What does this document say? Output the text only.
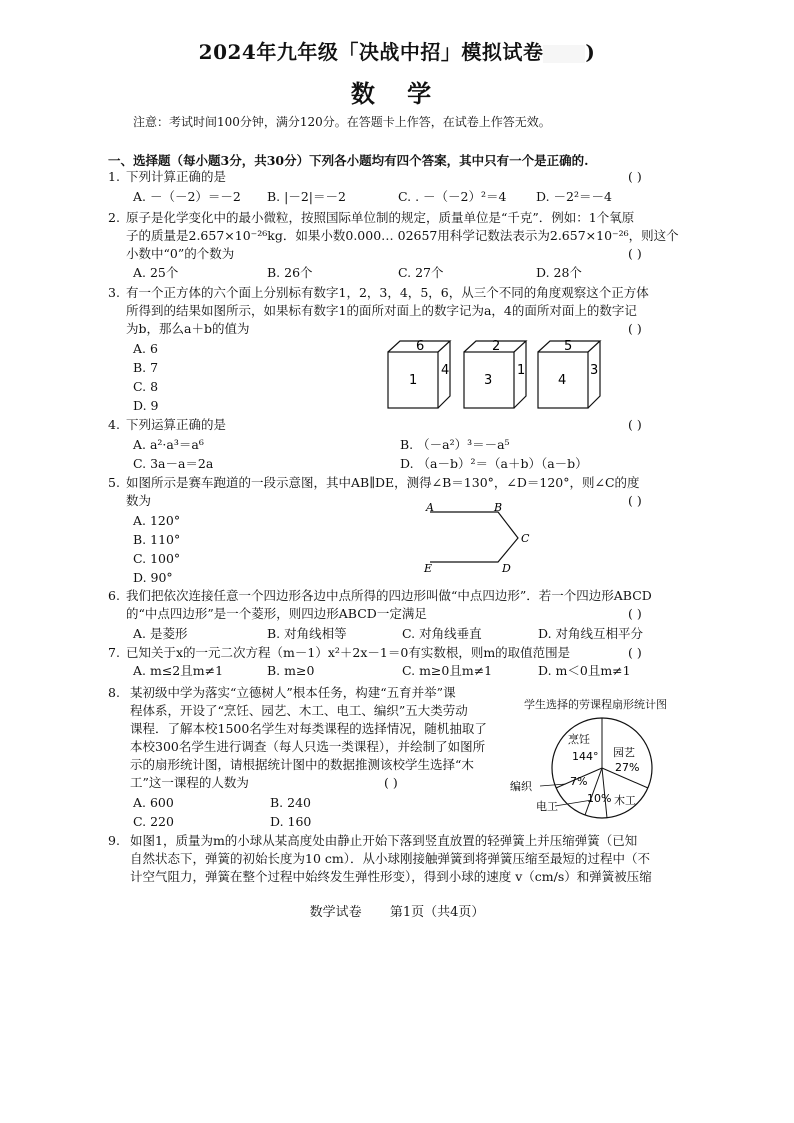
2024年九年级「决战中招」模拟试卷 )
数 学
注意：考试时间100分钟，满分120分。在答题卡上作答，在试卷上作答无效。
一、选择题（每小题3分，共30分）下列各小题均有四个答案，其中只有一个是正确的.
1. 下列计算正确的是	( )
A. －（－2）＝－2 B. |－2|＝－2	C. . －（－2）²＝4 D. －2²＝－4
2. 原子是化学变化中的最小微粒，按照国际单位制的规定，质量单位是“千克”．例如：1个氧原
子的质量是2.657×10⁻²⁶kg．如果小数0.000… 02657用科学记数法表示为2.657×10⁻²⁶，则这个
小数中“0”的个数为	( )
A. 25个	B. 26个	C. 27个	D. 28个
3. 有一个正方体的六个面上分别标有数字1，2，3，4，5，6，从三个不同的角度观察这个正方体
所得到的结果如图所示，如果标有数字1的面所对面上的数字记为a，4的面所对面上的数字记
为b，那么a＋b的值为	( )
A. 6
B. 7
C. 8
D. 9
6
1
4
2
3
1
5
4
3
4. 下列运算正确的是	( )
A. a²·a³＝a⁶	B. （－a²）³＝－a⁵
C. 3a－a＝2a	D. （a－b）²＝（a＋b）（a－b）
5. 如图所示是赛车跑道的一段示意图，其中AB∥DE，测得∠B＝130°，∠D＝120°，则∠C的度
数为	( )
A. 120°
B. 110°
C. 100°
D. 90°
A	B
C
D
E
6. 我们把依次连接任意一个四边形各边中点所得的四边形叫做“中点四边形”．若一个四边形ABCD
的“中点四边形”是一个菱形，则四边形ABCD一定满足	( )
A. 是菱形	B. 对角线相等	C. 对角线垂直	D. 对角线互相平分
7. 已知关于x的一元二次方程（m－1）x²＋2x－1＝0有实数根，则m的取值范围是	( )
A. m≤2且m≠1	B. m≥0	C. m≥0且m≠1	D. m＜0且m≠1
8. 某初级中学为落实“立德树人”根本任务，构建“五育并举”课
程体系，开设了“烹饪、园艺、木工、电工、编织”五大类劳动
课程．了解本校1500名学生对每类课程的选择情况，随机抽取了
本校300名学生进行调查（每人只选一类课程），并绘制了如图所
示的扇形统计图，请根据统计图中的数据推测该校学生选择“木
工”这一课程的人数为	( )
A. 600	B. 240
C. 220	D. 160
学生选择的劳课程扇形统计图
烹饪
144° 园艺
27%
木工
10%
电工
7%
编织
9. 如图1，质量为m的小球从某高度处由静止开始下落到竖直放置的轻弹簧上并压缩弹簧（已知
自然状态下，弹簧的初始长度为10 cm）．从小球刚接触弹簧到将弹簧压缩至最短的过程中（不
计空气阻力，弹簧在整个过程中始终发生弹性形变），得到小球的速度 v（cm/s）和弹簧被压缩
数学试卷 第1页（共4页）
